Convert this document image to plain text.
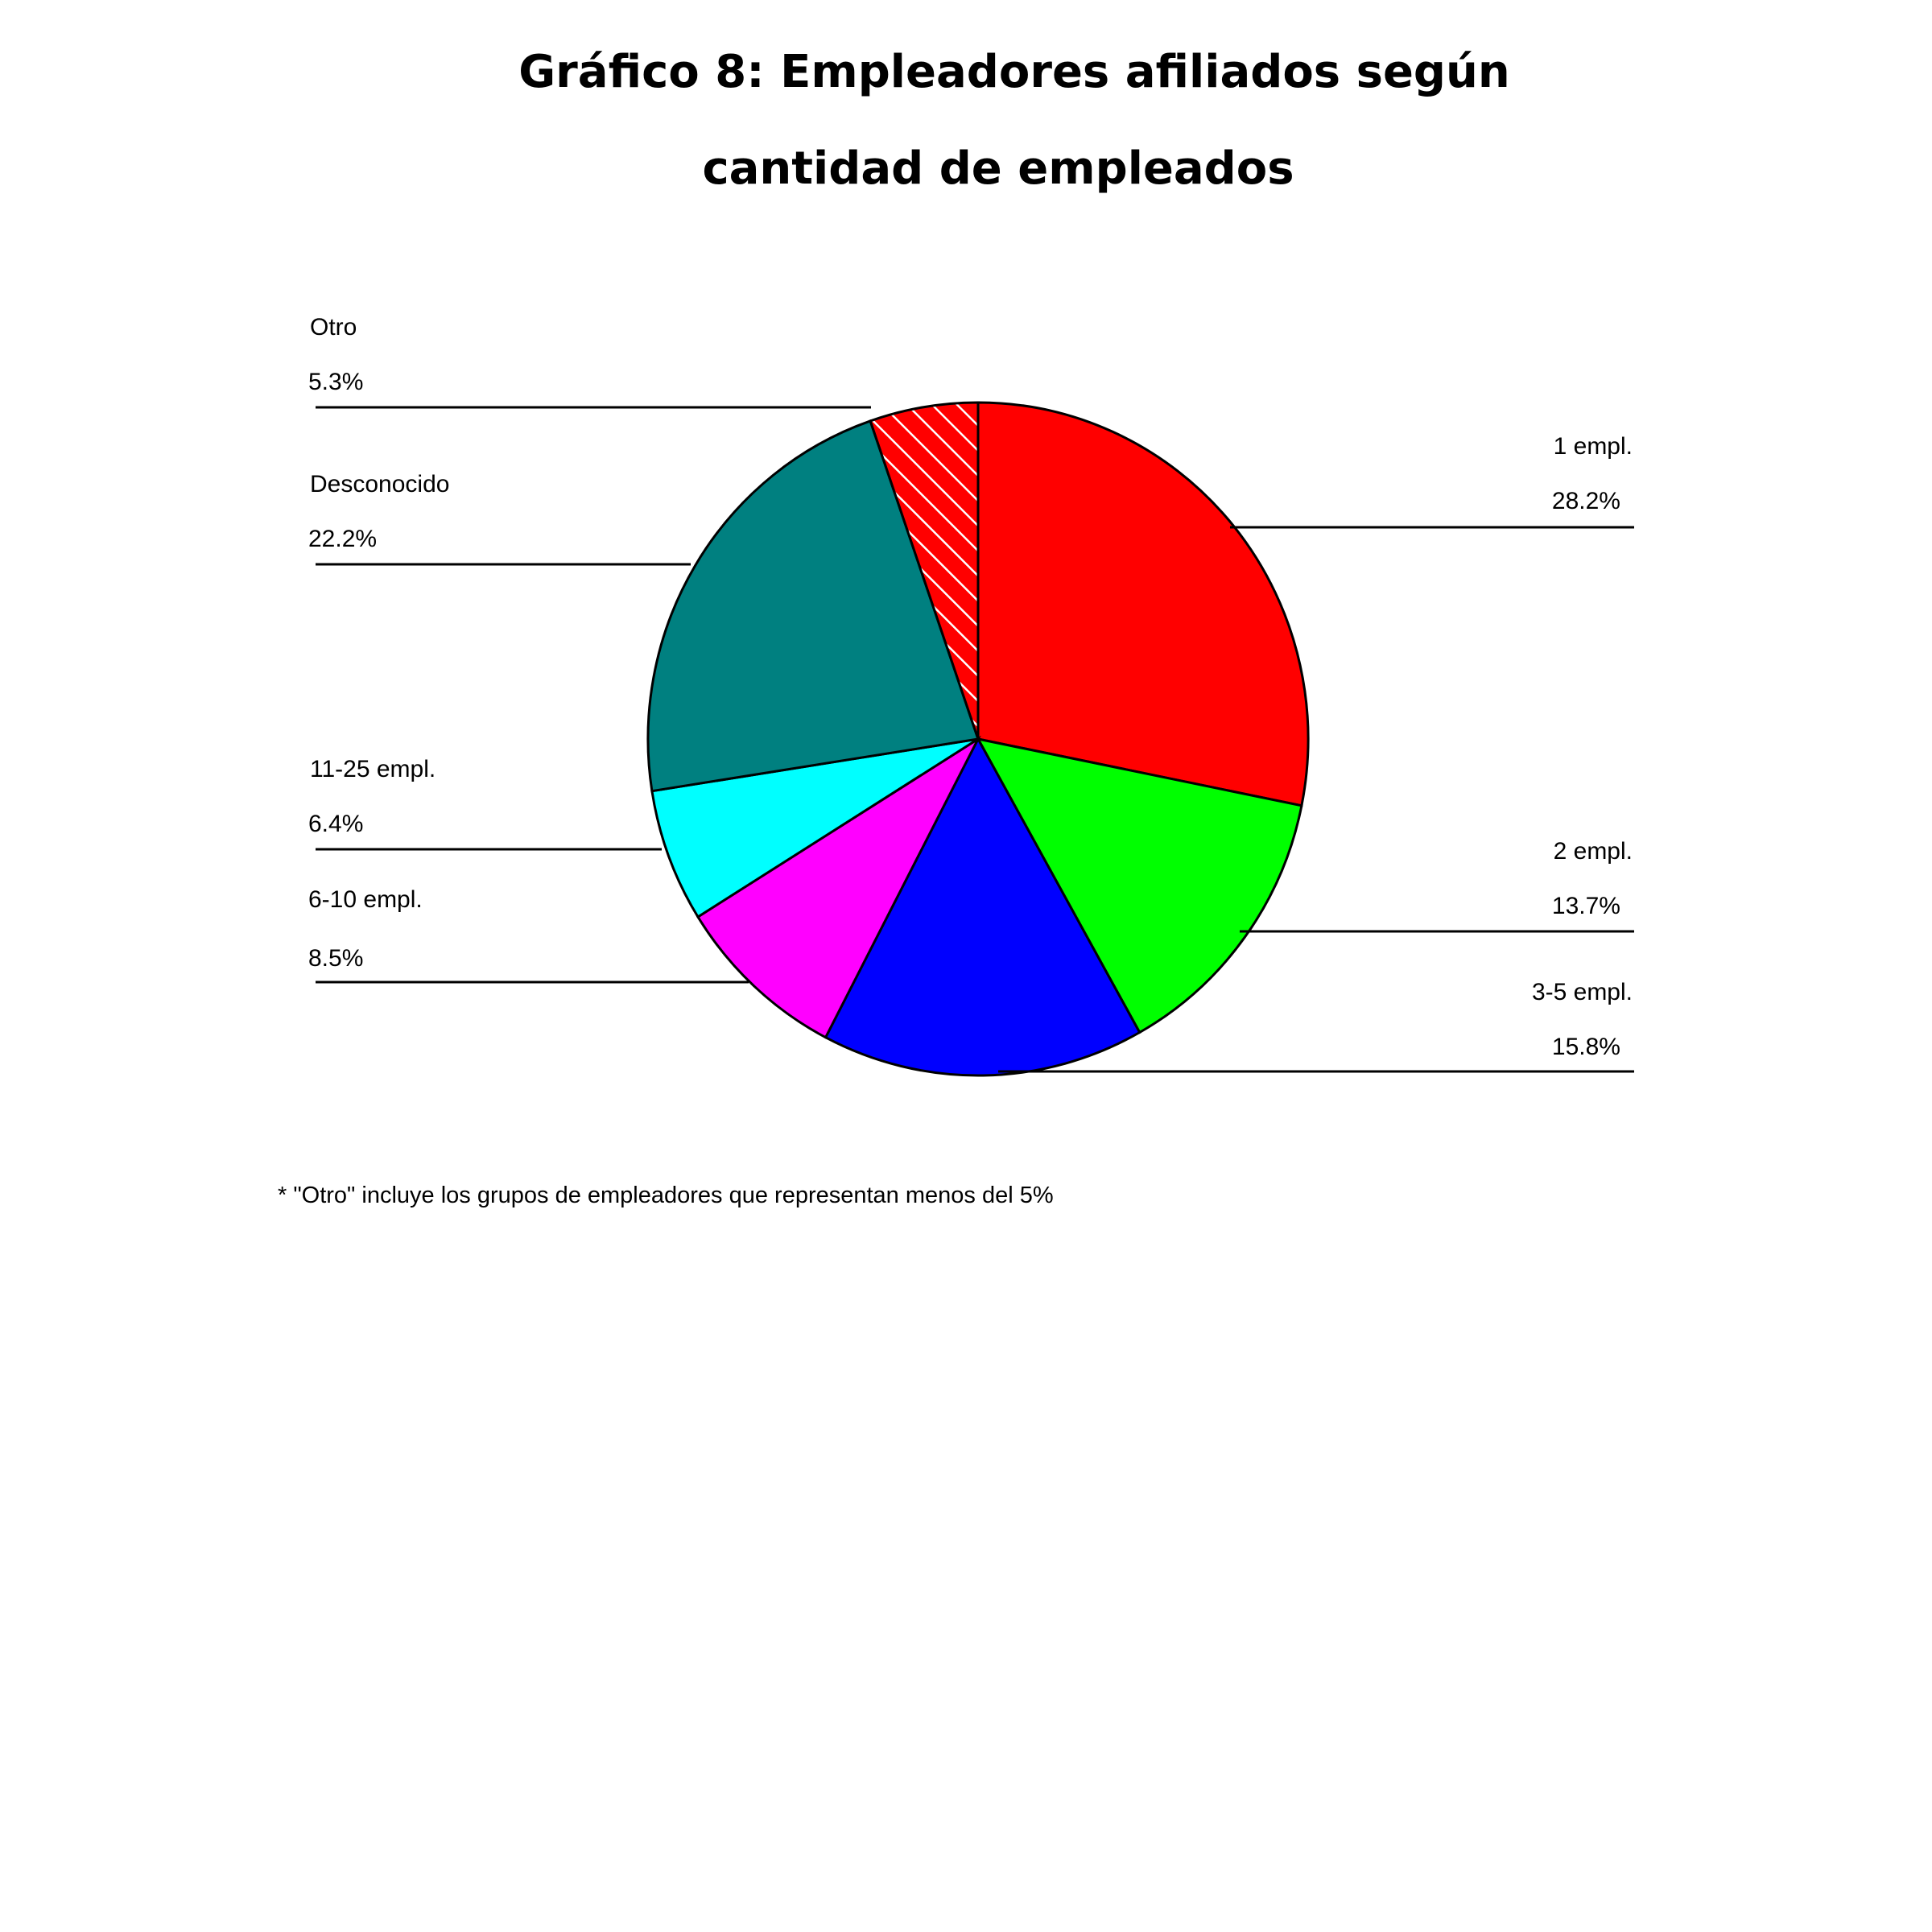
Gráfico 8: Empleadores afiliados según
cantidad de empleados
Otro
5.3%
Desconocido
22.2%
11-25 empl.
6.4%
6-10 empl.
8.5%
1 empl.
28.2%
2 empl.
13.7%
3-5 empl.
15.8%
* "Otro" incluye los grupos de empleadores que representan menos del 5%
